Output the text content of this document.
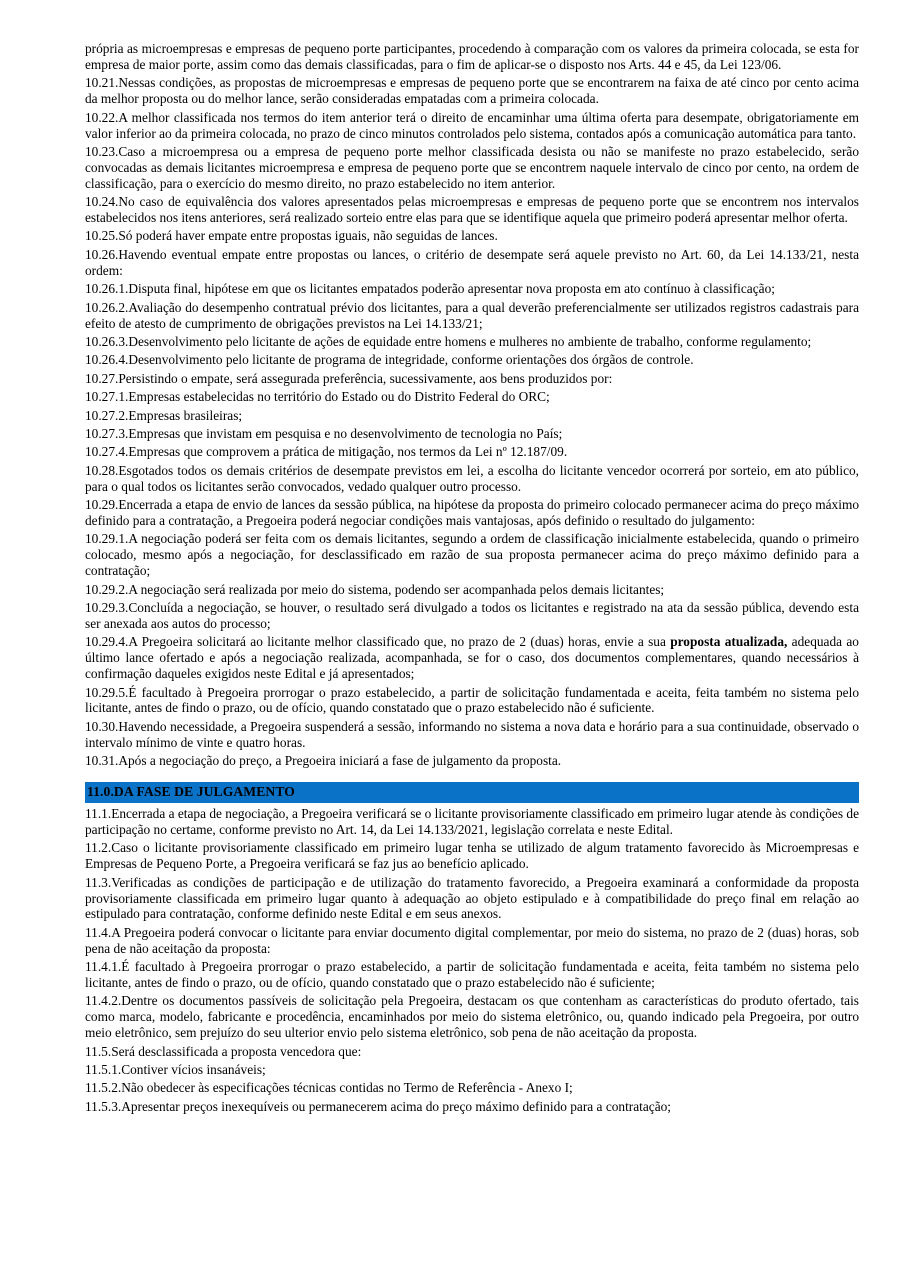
própria as microempresas e empresas de pequeno porte participantes, procedendo à comparação com os valores da primeira colocada, se esta for empresa de maior porte, assim como das demais classificadas, para o fim de aplicar-se o disposto nos Arts. 44 e 45, da Lei 123/06.

10.21.Nessas condições, as propostas de microempresas e empresas de pequeno porte que se encontrarem na faixa de até cinco por cento acima da melhor proposta ou do melhor lance, serão consideradas empatadas com a primeira colocada.

10.22.A melhor classificada nos termos do item anterior terá o direito de encaminhar uma última oferta para desempate, obrigatoriamente em valor inferior ao da primeira colocada, no prazo de cinco minutos controlados pelo sistema, contados após a comunicação automática para tanto.

10.23.Caso a microempresa ou a empresa de pequeno porte melhor classificada desista ou não se manifeste no prazo estabelecido, serão convocadas as demais licitantes microempresa e empresa de pequeno porte que se encontrem naquele intervalo de cinco por cento, na ordem de classificação, para o exercício do mesmo direito, no prazo estabelecido no item anterior.

10.24.No caso de equivalência dos valores apresentados pelas microempresas e empresas de pequeno porte que se encontrem nos intervalos estabelecidos nos itens anteriores, será realizado sorteio entre elas para que se identifique aquela que primeiro poderá apresentar melhor oferta.

10.25.Só poderá haver empate entre propostas iguais, não seguidas de lances.

10.26.Havendo eventual empate entre propostas ou lances, o critério de desempate será aquele previsto no Art. 60, da Lei 14.133/21, nesta ordem:

10.26.1.Disputa final, hipótese em que os licitantes empatados poderão apresentar nova proposta em ato contínuo à classificação;

10.26.2.Avaliação do desempenho contratual prévio dos licitantes, para a qual deverão preferencialmente ser utilizados registros cadastrais para efeito de atesto de cumprimento de obrigações previstos na Lei 14.133/21;

10.26.3.Desenvolvimento pelo licitante de ações de equidade entre homens e mulheres no ambiente de trabalho, conforme regulamento;

10.26.4.Desenvolvimento pelo licitante de programa de integridade, conforme orientações dos órgãos de controle.

10.27.Persistindo o empate, será assegurada preferência, sucessivamente, aos bens produzidos por:

10.27.1.Empresas estabelecidas no território do Estado ou do Distrito Federal do ORC;

10.27.2.Empresas brasileiras;

10.27.3.Empresas que invistam em pesquisa e no desenvolvimento de tecnologia no País;

10.27.4.Empresas que comprovem a prática de mitigação, nos termos da Lei nº 12.187/09.

10.28.Esgotados todos os demais critérios de desempate previstos em lei, a escolha do licitante vencedor ocorrerá por sorteio, em ato público, para o qual todos os licitantes serão convocados, vedado qualquer outro processo.

10.29.Encerrada a etapa de envio de lances da sessão pública, na hipótese da proposta do primeiro colocado permanecer acima do preço máximo definido para a contratação, a Pregoeira poderá negociar condições mais vantajosas, após definido o resultado do julgamento:

10.29.1.A negociação poderá ser feita com os demais licitantes, segundo a ordem de classificação inicialmente estabelecida, quando o primeiro colocado, mesmo após a negociação, for desclassificado em razão de sua proposta permanecer acima do preço máximo definido para a contratação;

10.29.2.A negociação será realizada por meio do sistema, podendo ser acompanhada pelos demais licitantes;

10.29.3.Concluída a negociação, se houver, o resultado será divulgado a todos os licitantes e registrado na ata da sessão pública, devendo esta ser anexada aos autos do processo;

10.29.4.A Pregoeira solicitará ao licitante melhor classificado que, no prazo de 2 (duas) horas, envie a sua proposta atualizada, adequada ao último lance ofertado e após a negociação realizada, acompanhada, se for o caso, dos documentos complementares, quando necessários à confirmação daqueles exigidos neste Edital e já apresentados;

10.29.5.É facultado à Pregoeira prorrogar o prazo estabelecido, a partir de solicitação fundamentada e aceita, feita também no sistema pelo licitante, antes de findo o prazo, ou de ofício, quando constatado que o prazo estabelecido não é suficiente.

10.30.Havendo necessidade, a Pregoeira suspenderá a sessão, informando no sistema a nova data e horário para a sua continuidade, observado o intervalo mínimo de vinte e quatro horas.

10.31.Após a negociação do preço, a Pregoeira iniciará a fase de julgamento da proposta.

11.0.DA FASE DE JULGAMENTO

11.1.Encerrada a etapa de negociação, a Pregoeira verificará se o licitante provisoriamente classificado em primeiro lugar atende às condições de participação no certame, conforme previsto no Art. 14, da Lei 14.133/2021, legislação correlata e neste Edital.

11.2.Caso o licitante provisoriamente classificado em primeiro lugar tenha se utilizado de algum tratamento favorecido às Microempresas e Empresas de Pequeno Porte, a Pregoeira verificará se faz jus ao benefício aplicado.

11.3.Verificadas as condições de participação e de utilização do tratamento favorecido, a Pregoeira examinará a conformidade da proposta provisoriamente classificada em primeiro lugar quanto à adequação ao objeto estipulado e à compatibilidade do preço final em relação ao estipulado para contratação, conforme definido neste Edital e em seus anexos.

11.4.A Pregoeira poderá convocar o licitante para enviar documento digital complementar, por meio do sistema, no prazo de 2 (duas) horas, sob pena de não aceitação da proposta:

11.4.1.É facultado à Pregoeira prorrogar o prazo estabelecido, a partir de solicitação fundamentada e aceita, feita também no sistema pelo licitante, antes de findo o prazo, ou de ofício, quando constatado que o prazo estabelecido não é suficiente;

11.4.2.Dentre os documentos passíveis de solicitação pela Pregoeira, destacam os que contenham as características do produto ofertado, tais como marca, modelo, fabricante e procedência, encaminhados por meio do sistema eletrônico, ou, quando indicado pela Pregoeira, por outro meio eletrônico, sem prejuízo do seu ulterior envio pelo sistema eletrônico, sob pena de não aceitação da proposta.

11.5.Será desclassificada a proposta vencedora que:

11.5.1.Contiver vícios insanáveis;

11.5.2.Não obedecer às especificações técnicas contidas no Termo de Referência - Anexo I;

11.5.3.Apresentar preços inexequíveis ou permanecerem acima do preço máximo definido para a contratação;
